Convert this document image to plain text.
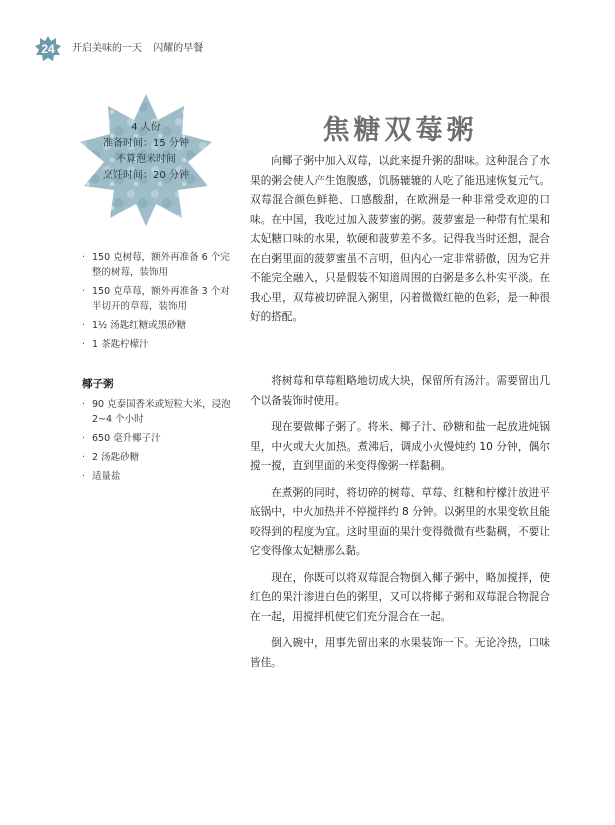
24	开启美味的一天 闪耀的早餐
4 人份
准备时间：15 分钟
不算泡米时间
烹饪时间：20 分钟
· 150 克树莓，额外再准备 6 个完整的树莓，装饰用
· 150 克草莓，额外再准备 3 个对半切开的草莓，装饰用
· 1½ 汤匙红糖或黑砂糖
· 1 茶匙柠檬汁
椰子粥
· 90 克泰国香米或短粒大米，浸泡 2~4 个小时
· 650 毫升椰子汁
· 2 汤匙砂糖
· 适量盐
焦糖双莓粥

向椰子粥中加入双莓，以此来提升粥的甜味。这种混合了水果的粥会使人产生饱腹感，饥肠辘辘的人吃了能迅速恢复元气。双莓混合颜色鲜艳、口感酸甜，在欧洲是一种非常受欢迎的口味。在中国，我吃过加入菠萝蜜的粥。菠萝蜜是一种带有忙果和太妃糖口味的水果，软硬和菠萝差不多。记得我当时还想，混合在白粥里面的菠萝蜜虽不言明，但内心一定非常骄傲，因为它并不能完全融入，只是假装不知道周围的白粥是多么朴实平淡。在我心里，双莓被切碎混入粥里，闪着微微红艳的色彩，是一种很好的搭配。

将树莓和草莓粗略地切成大块，保留所有汤汁。需要留出几个以备装饰时使用。

现在要做椰子粥了。将米、椰子汁、砂糖和盐一起放进炖锅里，中火或大火加热。煮沸后，调成小火慢炖约 10 分钟，偶尔搅一搅，直到里面的米变得像粥一样黏稠。

在煮粥的同时，将切碎的树莓、草莓、红糖和柠檬汁放进平底锅中，中火加热并不停搅拌约 8 分钟。以粥里的水果变软且能咬得到的程度为宜。这时里面的果汁变得微微有些黏稠，不要让它变得像太妃糖那么黏。

现在，你既可以将双莓混合物倒入椰子粥中，略加搅拌，使红色的果汁渗进白色的粥里，又可以将椰子粥和双莓混合物混合在一起，用搅拌机使它们充分混合在一起。

倒入碗中，用事先留出来的水果装饰一下。无论冷热，口味皆佳。
